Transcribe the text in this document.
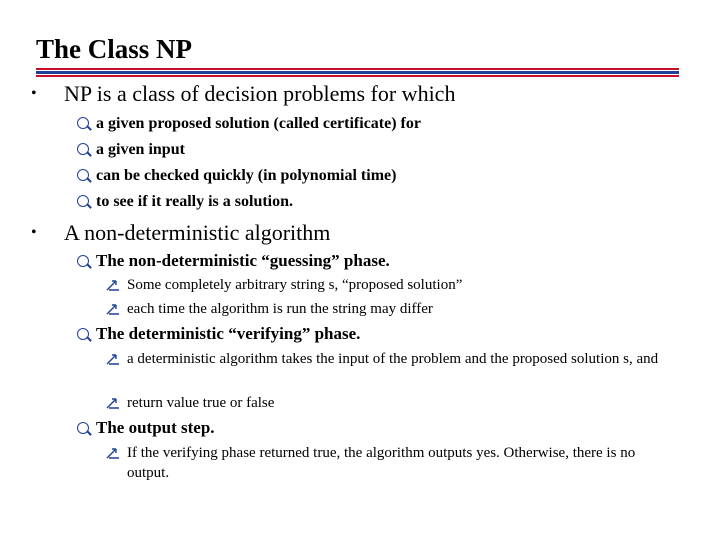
The Class NP
• NP is a class of decision problems for which
a given proposed solution (called certificate) for
a given input
can be checked quickly (in polynomial time)
to see if it really is a solution.
• A non-deterministic algorithm
The non-deterministic “guessing” phase.
Some completely arbitrary string s, “proposed solution”
each time the algorithm is run the string may differ
The deterministic “verifying” phase.
a deterministic algorithm takes the input of the problem and the proposed solution s, and
return value true or false
The output step.
If the verifying phase returned true, the algorithm outputs yes. Otherwise, there is no output.
